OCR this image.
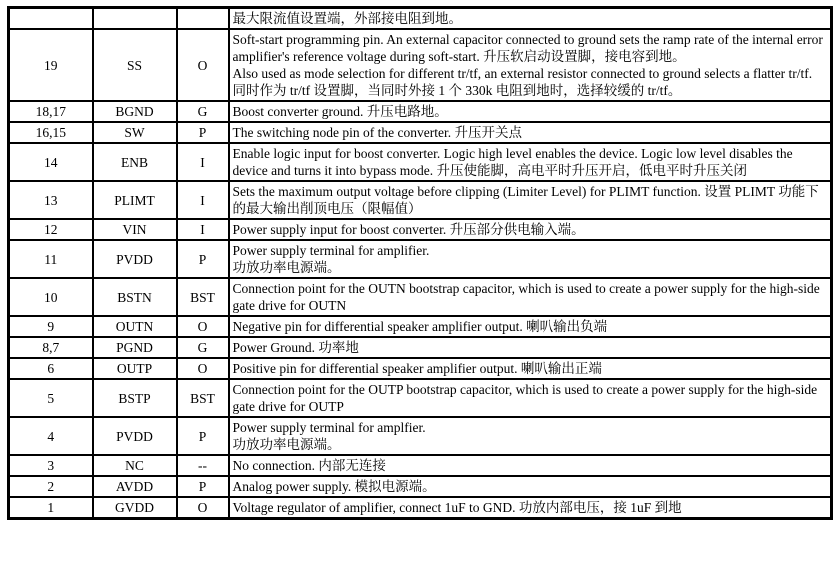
			最大限流值设置端，外部接电阻到地。

19	SS	O	Soft-start programming pin. An external capacitor connected to ground sets the ramp rate of the internal error amplifier's reference voltage during soft-start. 升压软启动设置脚，接电容到地。
Also used as mode selection for different tr/tf, an external resistor connected to ground selects a flatter tr/tf. 同时作为 tr/tf 设置脚，当同时外接 1 个 330k 电阻到地时，选择较缓的 tr/tf。

18,17	BGND	G	Boost converter ground. 升压电路地。

16,15	SW	P	The switching node pin of the converter. 升压开关点

14	ENB	I	Enable logic input for boost converter. Logic high level enables the device. Logic low level disables the device and turns it into bypass mode. 升压使能脚，高电平时升压开启，低电平时升压关闭

13	PLIMT	I	Sets the maximum output voltage before clipping (Limiter Level) for PLIMT function. 设置 PLIMT 功能下的最大输出削顶电压（限幅值）

12	VIN	I	Power supply input for boost converter. 升压部分供电输入端。

11	PVDD	P	Power supply terminal for amplifier.
功放功率电源端。

10	BSTN	BST	Connection point for the OUTN bootstrap capacitor, which is used to create a power supply for the high-side gate drive for OUTN

9	OUTN	O	Negative pin for differential speaker amplifier output. 喇叭输出负端

8,7	PGND	G	Power Ground. 功率地

6	OUTP	O	Positive pin for differential speaker amplifier output. 喇叭输出正端

5	BSTP	BST	Connection point for the OUTP bootstrap capacitor, which is used to create a power supply for the high-side gate drive for OUTP

4	PVDD	P	Power supply terminal for amplfier.
功放功率电源端。

3	NC	--	No connection. 内部无连接

2	AVDD	P	Analog power supply. 模拟电源端。

1	GVDD	O	Voltage regulator of amplifier, connect 1uF to GND. 功放内部电压，接 1uF 到地
